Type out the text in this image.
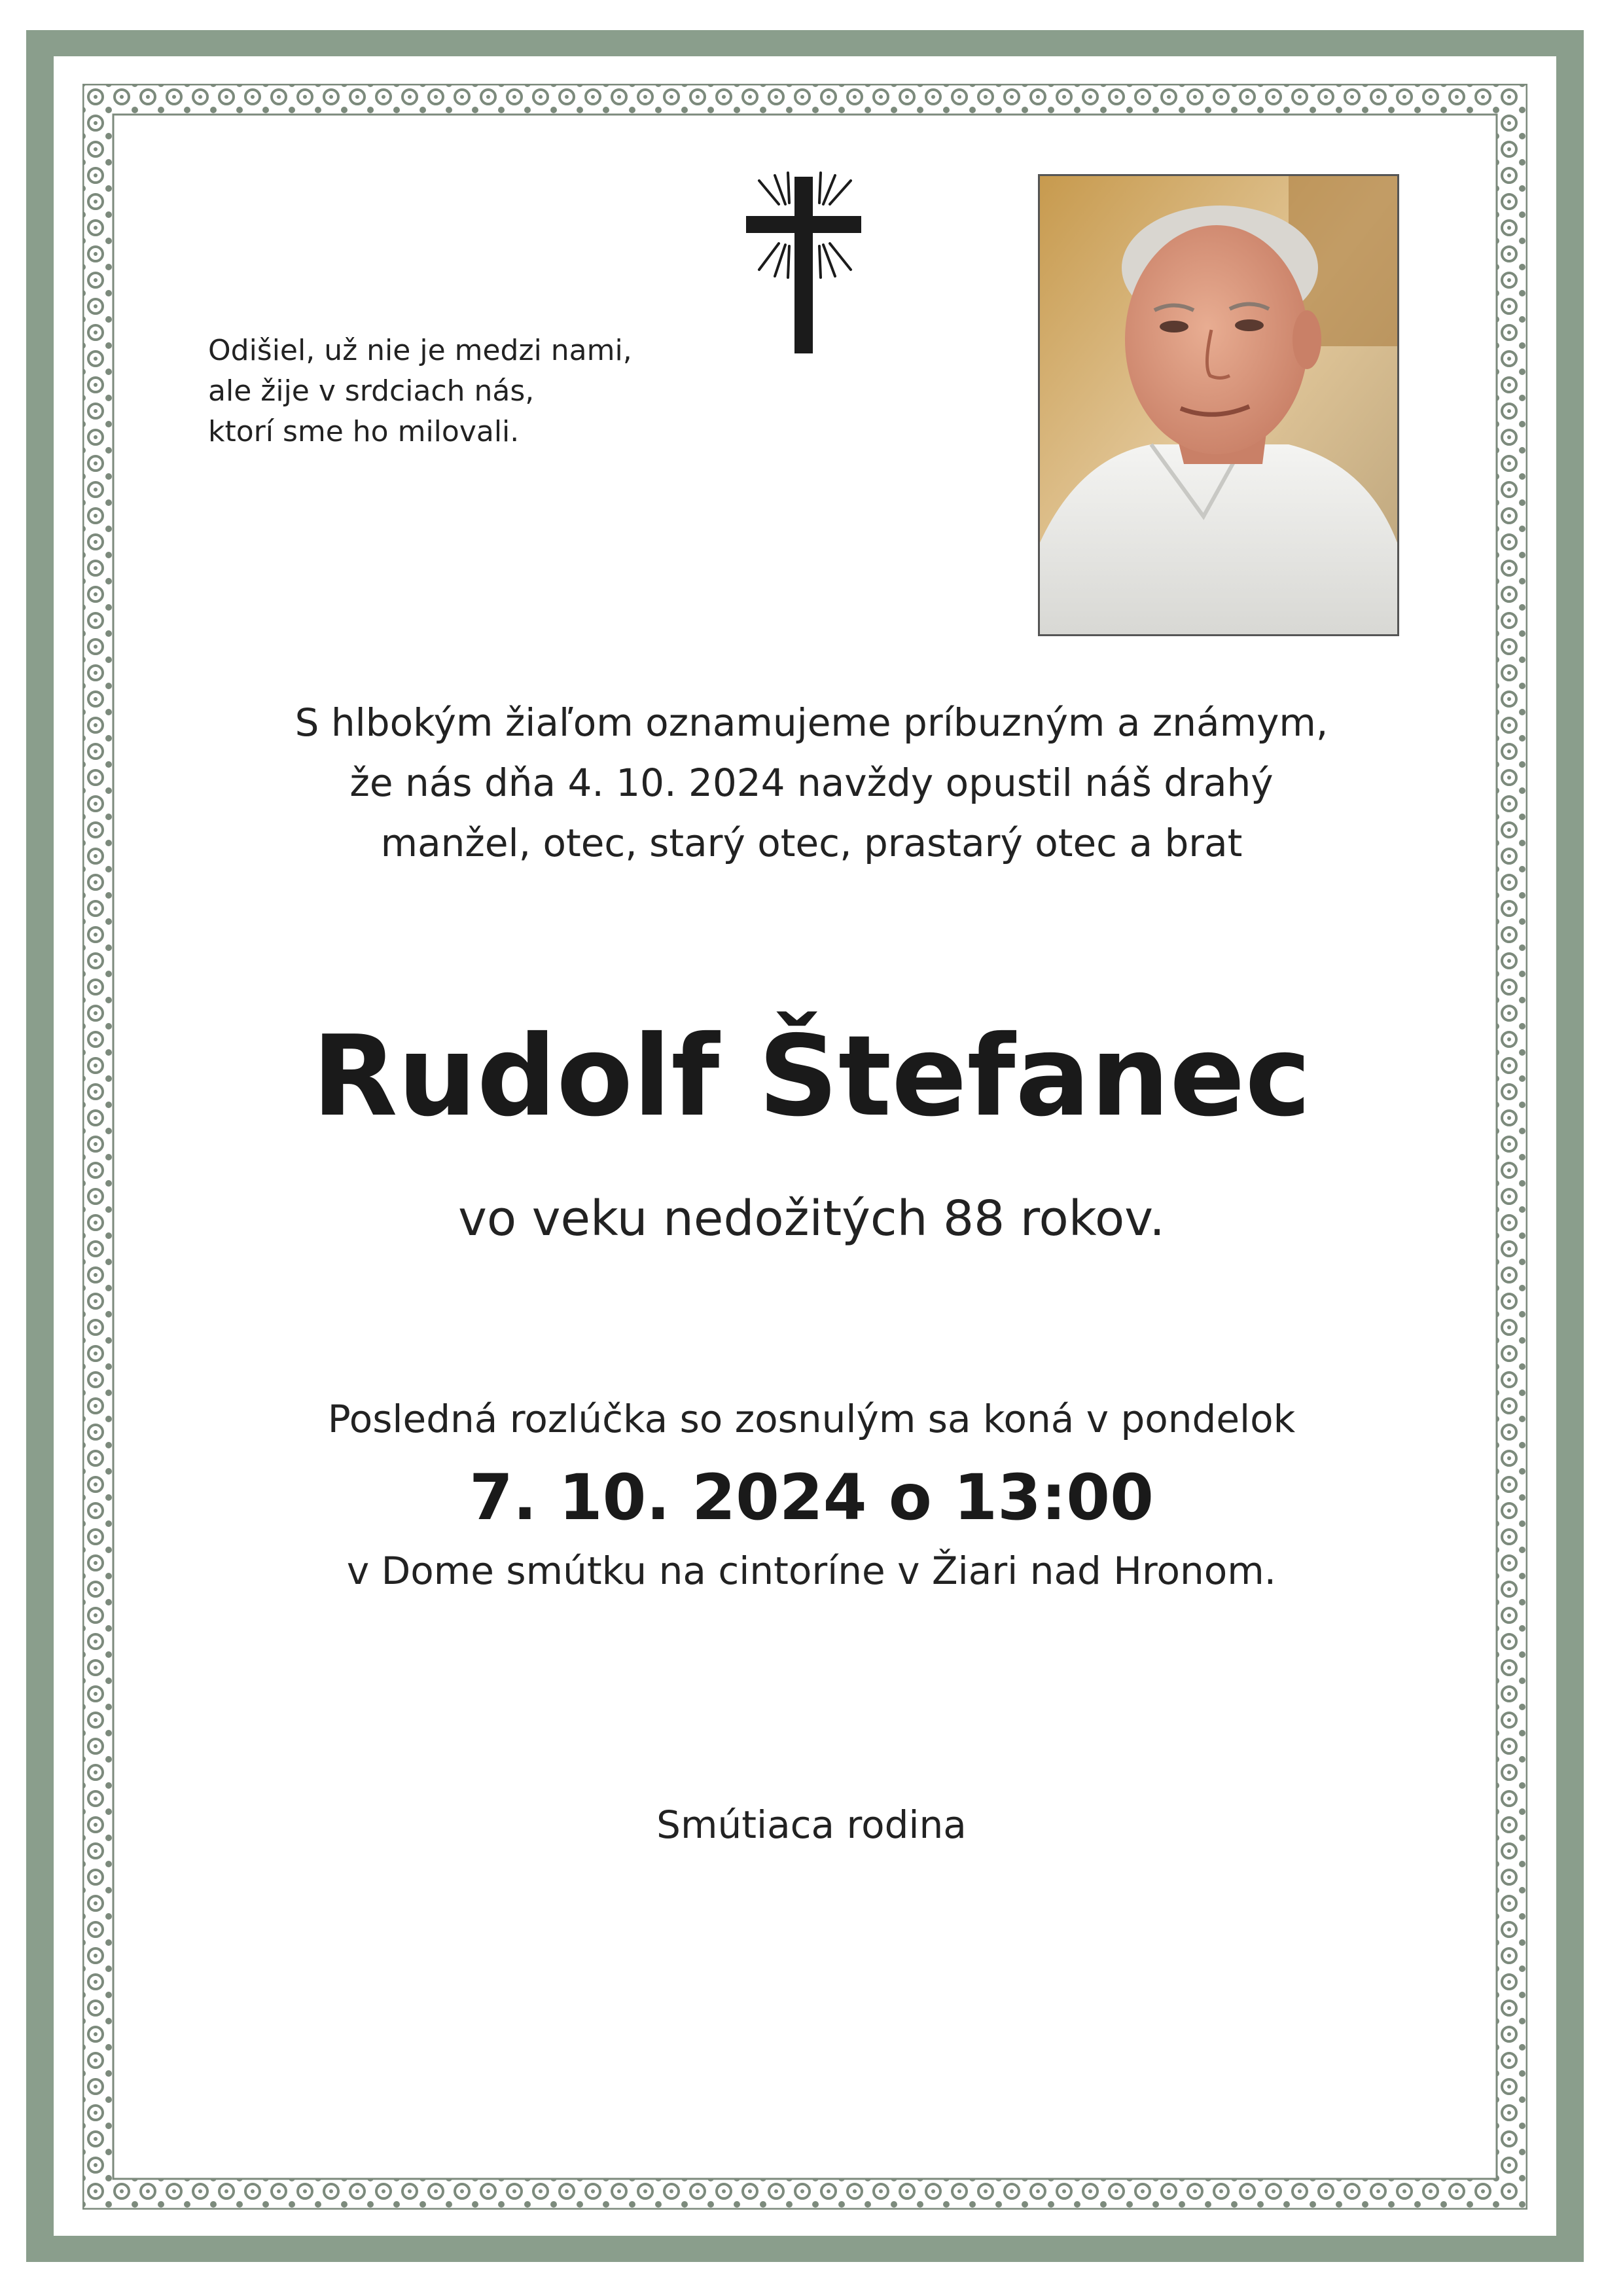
Odišiel, už nie je medzi nami,
ale žije v srdciach nás,
ktorí sme ho milovali.
S hlbokým žiaľom oznamujeme príbuzným a známym,
že nás dňa 4. 10. 2024 navždy opustil náš drahý
manžel, otec, starý otec, prastarý otec a brat
Rudolf Štefanec
vo veku nedožitých 88 rokov.
Posledná rozlúčka so zosnulým sa koná v pondelok
7. 10. 2024 o 13:00
v Dome smútku na cintoríne v Žiari nad Hronom.
Smútiaca rodina
